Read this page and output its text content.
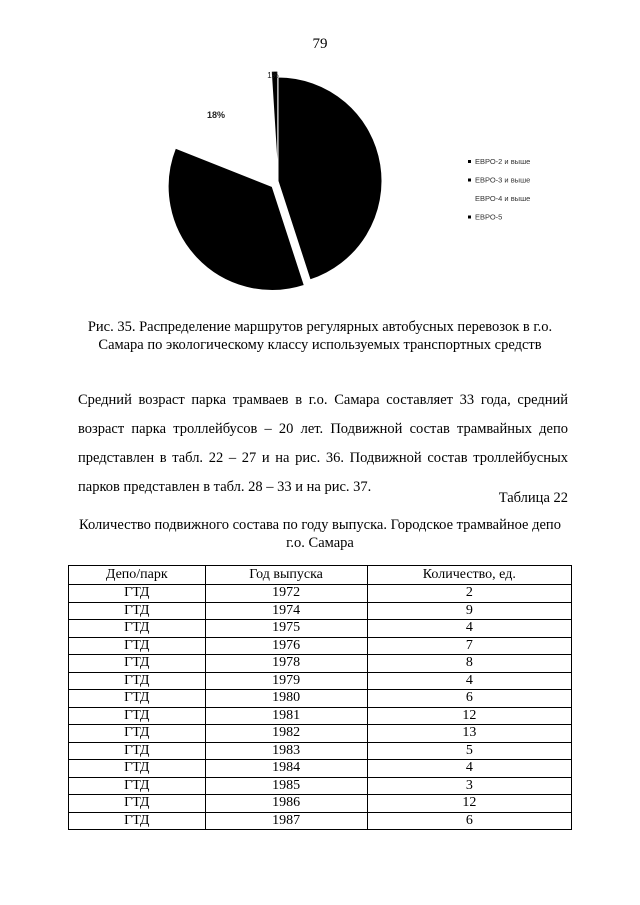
79
18%
1%
ЕВРО-2 и выше
ЕВРО-3 и выше
ЕВРО-4 и выше
ЕВРО-5
Рис. 35. Распределение маршрутов регулярных автобусных перевозок в г.о. Самара по экологическому классу используемых транспортных средств

Средний возраст парка трамваев в г.о. Самара составляет 33 года, средний возраст парка троллейбусов – 20 лет. Подвижной состав трамвайных депо представлен в табл. 22 – 27 и на рис. 36. Подвижной состав троллейбусных парков представлен в табл. 28 – 33 и на рис. 37.

Таблица 22
Количество подвижного состава по году выпуска. Городское трамвайное депо г.о. Самара
Депо/парк	Год выпуска	Количество, ед.
ГТД	1972	2
ГТД	1974	9
ГТД	1975	4
ГТД	1976	7
ГТД	1978	8
ГТД	1979	4
ГТД	1980	6
ГТД	1981	12
ГТД	1982	13
ГТД	1983	5
ГТД	1984	4
ГТД	1985	3
ГТД	1986	12
ГТД	1987	6
